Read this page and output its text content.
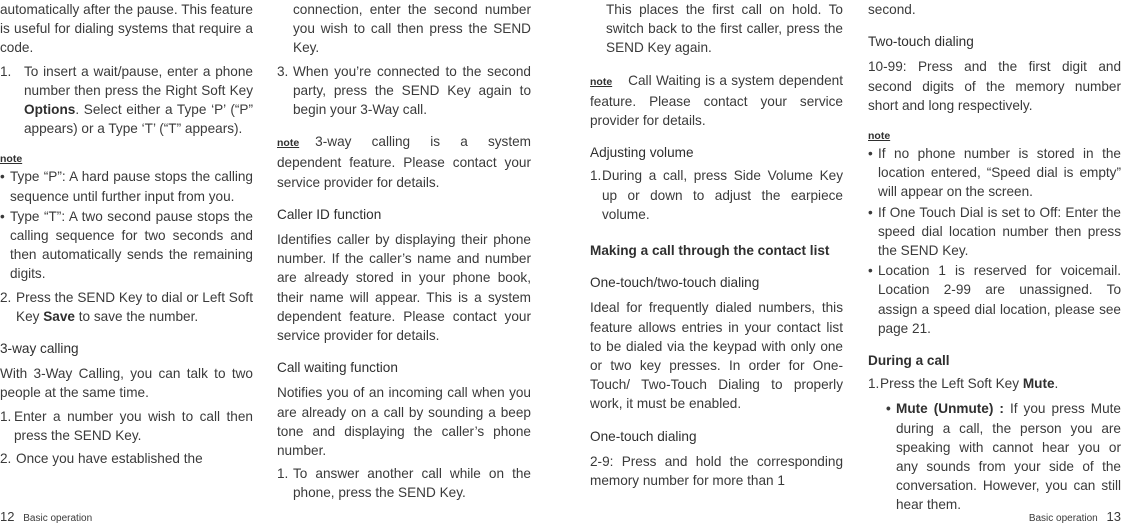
automatically after the pause. This feature is useful for dialing systems that require a code.

1. To insert a wait/pause, enter a phone number then press the Right Soft Key Options. Select either a Type ‘P’ (“P” appears) or a Type ‘T’ (“T” appears).
note
• Type “P”: A hard pause stops the calling sequence until further input from you.
• Type “T”: A two second pause stops the calling sequence for two seconds and then automatically sends the remaining digits.
2. Press the SEND Key to dial or Left Soft Key Save to save the number.

3-way calling

With 3-Way Calling, you can talk to two people at the same time.

1. Enter a number you wish to call then press the SEND Key.
2. Once you have established the

connection, enter the second number you wish to call then press the SEND Key.

3. When you’re connected to the second party, press the SEND Key again to begin your 3-Way call.

note 3-way calling is a system dependent feature. Please contact your service provider for details.

Caller ID function

Identifies caller by displaying their phone number. If the caller’s name and number are already stored in your phone book, their name will appear. This is a system dependent feature. Please contact your service provider for details.

Call waiting function

Notifies you of an incoming call when you are already on a call by sounding a beep tone and displaying the caller’s phone number.

1. To answer another call while on the phone, press the SEND Key.

This places the first call on hold. To switch back to the first caller, press the SEND Key again.

note Call Waiting is a system dependent feature. Please contact your service provider for details.

Adjusting volume

1. During a call, press Side Volume Key up or down to adjust the earpiece volume.

Making a call through the contact list

One-touch/two-touch dialing

Ideal for frequently dialed numbers, this feature allows entries in your contact list to be dialed via the keypad with only one or two key presses. In order for One-Touch/ Two-Touch Dialing to properly work, it must be enabled.

One-touch dialing

2-9: Press and hold the corresponding memory number for more than 1

second.

Two-touch dialing

10-99: Press and the first digit and second digits of the memory number short and long respectively.

note
• If no phone number is stored in the location entered, “Speed dial is empty” will appear on the screen.
• If One Touch Dial is set to Off: Enter the speed dial location number then press the SEND Key.
• Location 1 is reserved for voicemail. Location 2-99 are unassigned. To assign a speed dial location, please see page 21.

During a call

1. Press the Left Soft Key Mute.
• Mute (Unmute) : If you press Mute during a call, the person you are speaking with cannot hear you or any sounds from your side of the conversation. However, you can still hear them.
12 Basic operation	Basic operation 13
